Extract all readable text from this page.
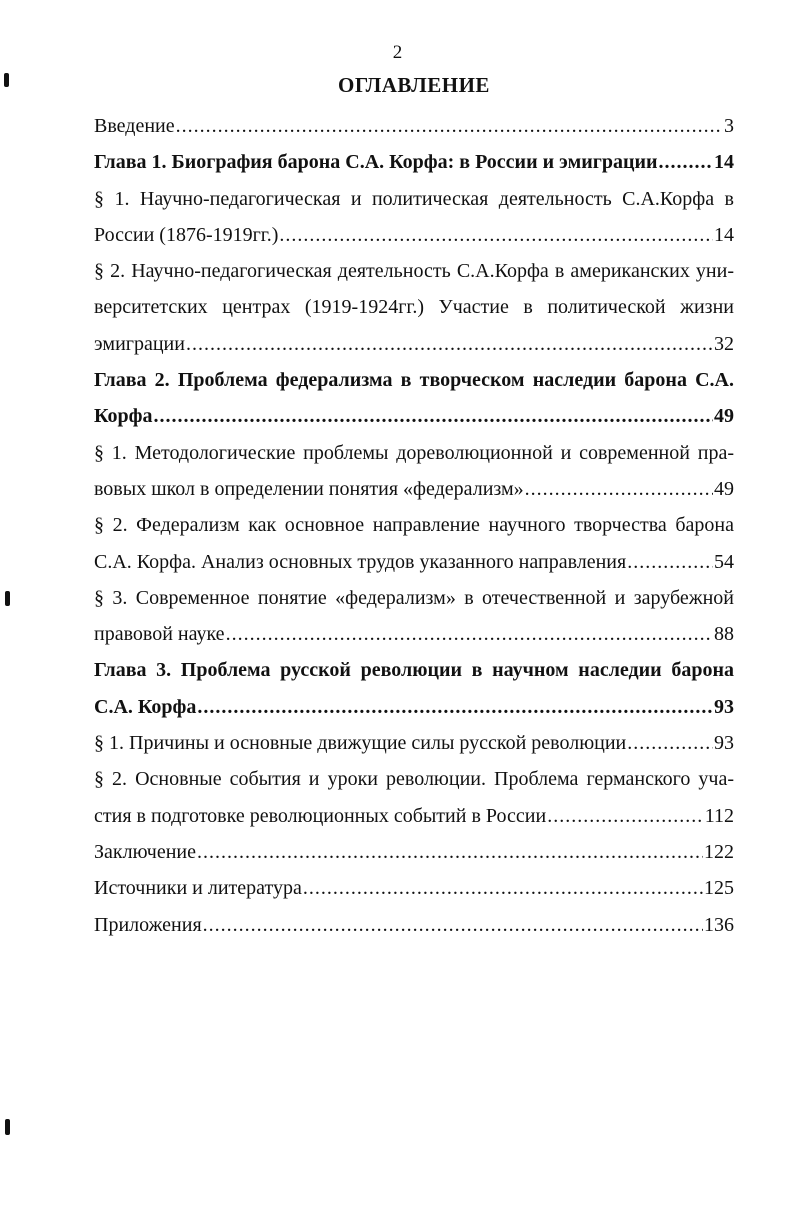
2
ОГЛАВЛЕНИЕ
Введение .....	3
Глава 1. Биография барона С.А. Корфа: в России и эмиграции .....	14
§ 1. Научно-педагогическая и политическая деятельность С.А.Корфа в
России (1876-1919гг.) .....	14
§ 2. Научно-педагогическая деятельность С.А.Корфа в американских уни-
верситетских центрах (1919-1924гг.) Участие в политической жизни
эмиграции .....	32
Глава 2. Проблема федерализма в творческом наследии барона С.А.
Корфа .....	49
§ 1. Методологические проблемы дореволюционной и современной пра-
вовых школ в определении понятия «федерализм» .....	49
§ 2. Федерализм как основное направление научного творчества барона
С.А. Корфа. Анализ основных трудов указанного направления .....	54
§ 3. Современное понятие «федерализм» в отечественной и зарубежной
правовой науке .....	88
Глава 3. Проблема русской революции в научном наследии барона
С.А. Корфа .....	93
§ 1. Причины и основные движущие силы русской революции .....	93
§ 2. Основные события и уроки революции. Проблема германского уча-
стия в подготовке революционных событий в России .....	112
Заключение .....	122
Источники и литература .....	125
Приложения .....	136
